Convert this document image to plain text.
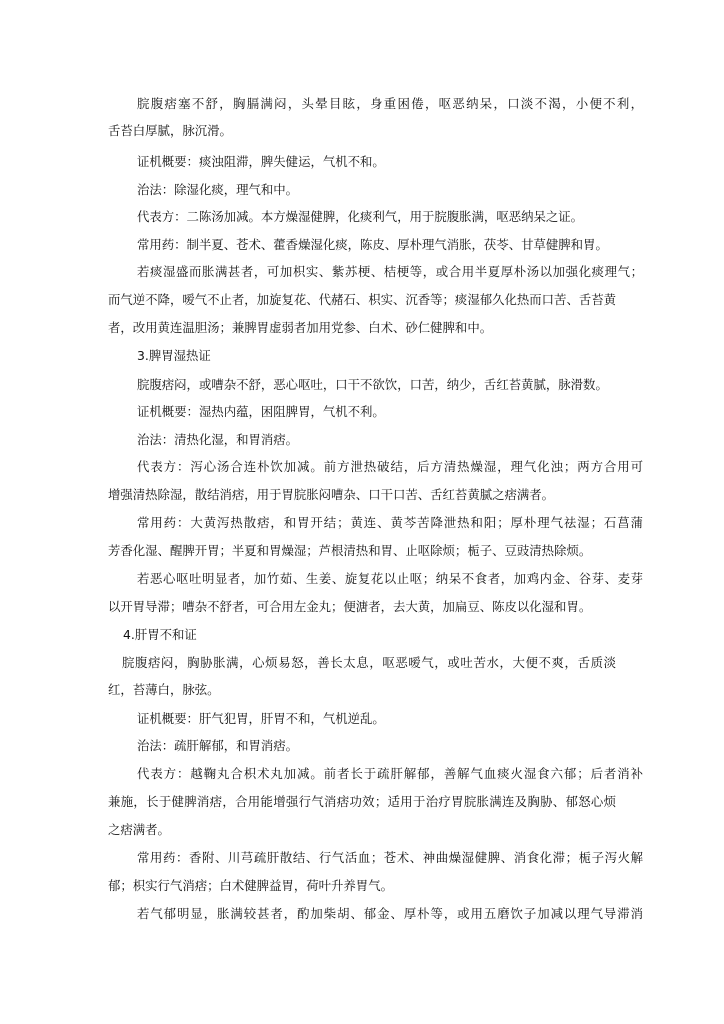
脘腹痞塞不舒，胸膈满闷，头晕目眩，身重困倦，呕恶纳呆，口淡不渴，小便不利，
舌苔白厚腻，脉沉滑。
证机概要：痰浊阻滞，脾失健运，气机不和。
治法：除湿化痰，理气和中。
代表方：二陈汤加减。本方燥湿健脾，化痰利气，用于脘腹胀满，呕恶纳呆之证。
常用药：制半夏、苍术、藿香燥湿化痰，陈皮、厚朴理气消胀，茯苓、甘草健脾和胃。
若痰湿盛而胀满甚者，可加枳实、紫苏梗、桔梗等，或合用半夏厚朴汤以加强化痰理气；
而气逆不降，嗳气不止者，加旋复花、代赭石、枳实、沉香等；痰湿郁久化热而口苦、舌苔黄
者，改用黄连温胆汤；兼脾胃虚弱者加用党参、白术、砂仁健脾和中。
3.脾胃湿热证
脘腹痞闷，或嘈杂不舒，恶心呕吐，口干不欲饮，口苦，纳少，舌红苔黄腻，脉滑数。
证机概要：湿热内蕴，困阻脾胃，气机不利。
治法：清热化湿，和胃消痞。
代表方：泻心汤合连朴饮加减。前方泄热破结，后方清热燥湿，理气化浊；两方合用可
增强清热除湿，散结消痞，用于胃脘胀闷嘈杂、口干口苦、舌红苔黄腻之痞满者。
常用药：大黄泻热散痞，和胃开结；黄连、黄芩苦降泄热和阳；厚朴理气祛湿；石菖蒲
芳香化湿、醒脾开胃；半夏和胃燥湿；芦根清热和胃、止呕除烦；栀子、豆豉清热除烦。
若恶心呕吐明显者，加竹茹、生姜、旋复花以止呕；纳呆不食者，加鸡内金、谷芽、麦芽
以开胃导滞；嘈杂不舒者，可合用左金丸；便溏者，去大黄，加扁豆、陈皮以化湿和胃。
4.肝胃不和证
脘腹痞闷，胸胁胀满，心烦易怒，善长太息，呕恶嗳气，或吐苦水，大便不爽，舌质淡
红，苔薄白，脉弦。
证机概要：肝气犯胃，肝胃不和，气机逆乱。
治法：疏肝解郁，和胃消痞。
代表方：越鞠丸合枳术丸加减。前者长于疏肝解郁，善解气血痰火湿食六郁；后者消补
兼施，长于健脾消痞，合用能增强行气消痞功效；适用于治疗胃脘胀满连及胸胁、郁怒心烦
之痞满者。
常用药：香附、川芎疏肝散结、行气活血；苍术、神曲燥湿健脾、消食化滞；栀子泻火解
郁；枳实行气消痞；白术健脾益胃，荷叶升养胃气。
若气郁明显，胀满较甚者，酌加柴胡、郁金、厚朴等，或用五磨饮子加减以理气导滞消
